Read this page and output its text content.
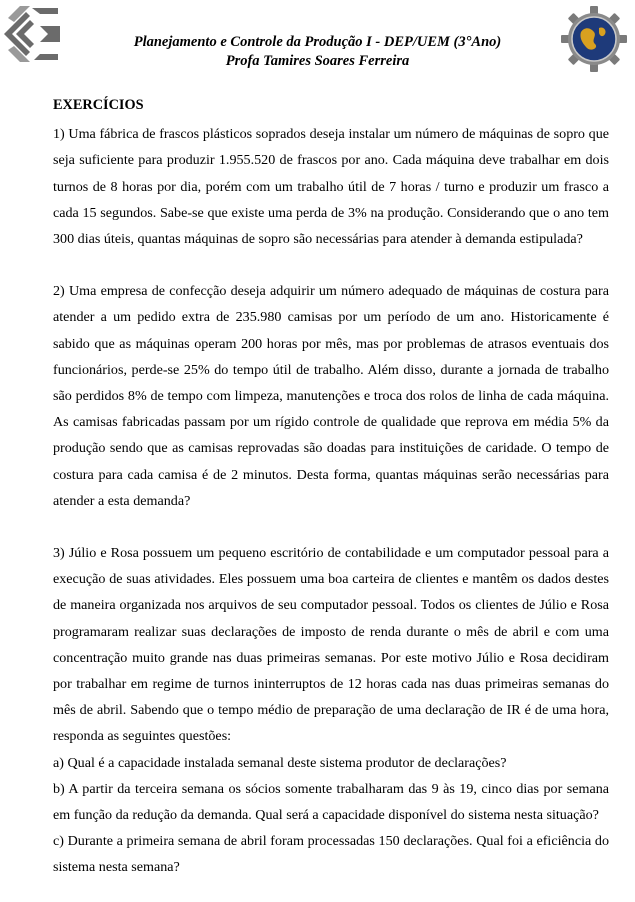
Planejamento e Controle da Produção I - DEP/UEM (3°Ano)
Profa Tamires Soares Ferreira
EXERCÍCIOS

1) Uma fábrica de frascos plásticos soprados deseja instalar um número de máquinas de sopro que seja suficiente para produzir 1.955.520 de frascos por ano. Cada máquina deve trabalhar em dois turnos de 8 horas por dia, porém com um trabalho útil de 7 horas / turno e produzir um frasco a cada 15 segundos. Sabe-se que existe uma perda de 3% na produção. Considerando que o ano tem 300 dias úteis, quantas máquinas de sopro são necessárias para atender à demanda estipulada?

2) Uma empresa de confecção deseja adquirir um número adequado de máquinas de costura para atender a um pedido extra de 235.980 camisas por um período de um ano. Historicamente é sabido que as máquinas operam 200 horas por mês, mas por problemas de atrasos eventuais dos funcionários, perde-se 25% do tempo útil de trabalho. Além disso, durante a jornada de trabalho são perdidos 8% de tempo com limpeza, manutenções e troca dos rolos de linha de cada máquina. As camisas fabricadas passam por um rígido controle de qualidade que reprova em média 5% da produção sendo que as camisas reprovadas são doadas para instituições de caridade. O tempo de costura para cada camisa é de 2 minutos. Desta forma, quantas máquinas serão necessárias para atender a esta demanda?

3) Júlio e Rosa possuem um pequeno escritório de contabilidade e um computador pessoal para a execução de suas atividades. Eles possuem uma boa carteira de clientes e mantêm os dados destes de maneira organizada nos arquivos de seu computador pessoal. Todos os clientes de Júlio e Rosa programaram realizar suas declarações de imposto de renda durante o mês de abril e com uma concentração muito grande nas duas primeiras semanas. Por este motivo Júlio e Rosa decidiram por trabalhar em regime de turnos ininterruptos de 12 horas cada nas duas primeiras semanas do mês de abril. Sabendo que o tempo médio de preparação de uma declaração de IR é de uma hora, responda as seguintes questões:

a) Qual é a capacidade instalada semanal deste sistema produtor de declarações?

b) A partir da terceira semana os sócios somente trabalharam das 9 às 19, cinco dias por semana em função da redução da demanda. Qual será a capacidade disponível do sistema nesta situação?

c) Durante a primeira semana de abril foram processadas 150 declarações. Qual foi a eficiência do sistema nesta semana?
